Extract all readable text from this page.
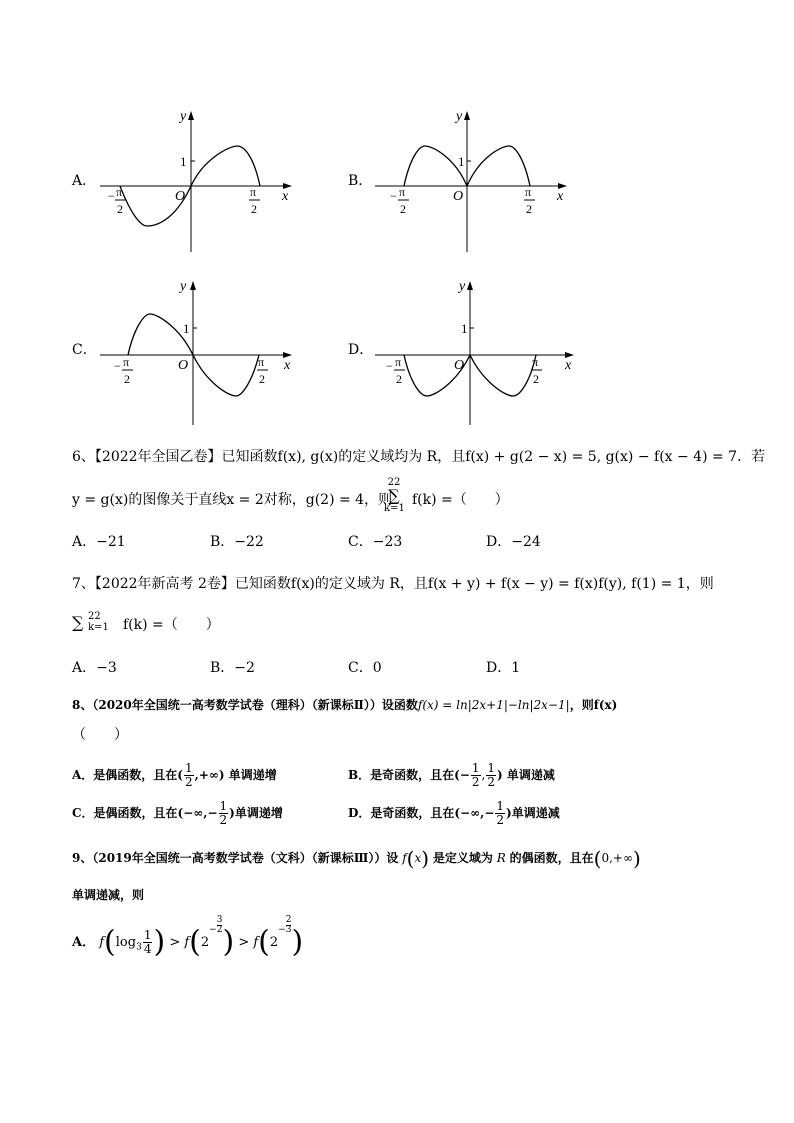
A．
y
x
O
1
− π
2
π
2
B．
y
x
O
1
− π
2
π
2
C．
y
x
O
1
− π
2
π
2
D．
y
x
O
1
− π
2
π
2
6、【2022年全国乙卷】已知函数f(x), g(x)的定义域均为 R，且f(x) + g(2 − x) = 5, g(x) − f(x − 4) = 7．若
y = g(x)的图像关于直线x = 2对称，g(2) = 4，则
22
∑
k=1
f(k) =（　　）
A．−21	B．−22	C．−23	D．−24
7、【2022年新高考 2卷】已知函数f(x)的定义域为 R，且f(x + y) + f(x − y) = f(x)f(y), f(1) = 1，则
∑ 22
k=1 f(k) =（　　）
A．−3	B．−2	C．0	D．1
8、（2020年全国统一高考数学试卷（理科）（新课标Ⅱ））设函数f(x) = ln|2x+1|−ln|2x−1|，则f(x)
（　　）
A．是偶函数，且在( $\frac{1}{2}$ ,+∞) 单调递增	B．是奇函数，且在(− $\frac{1}{2}$ , $\frac{1}{2}$ ) 单调递减
C．是偶函数，且在(−∞,− $\frac{1}{2}$ )单调递增	D．是奇函数，且在(−∞,− $\frac{1}{2}$ )单调递减
9、（2019年全国统一高考数学试卷（文科）（新课标Ⅲ））设 f(x) 是定义域为 R 的偶函数，且在(0,+∞)
单调递减，则
A． $f(\log_3 \frac{1}{4}$ ) > $f(2- \frac{3}{2}$ ) > $f(2- \frac{2}{3}$ )
